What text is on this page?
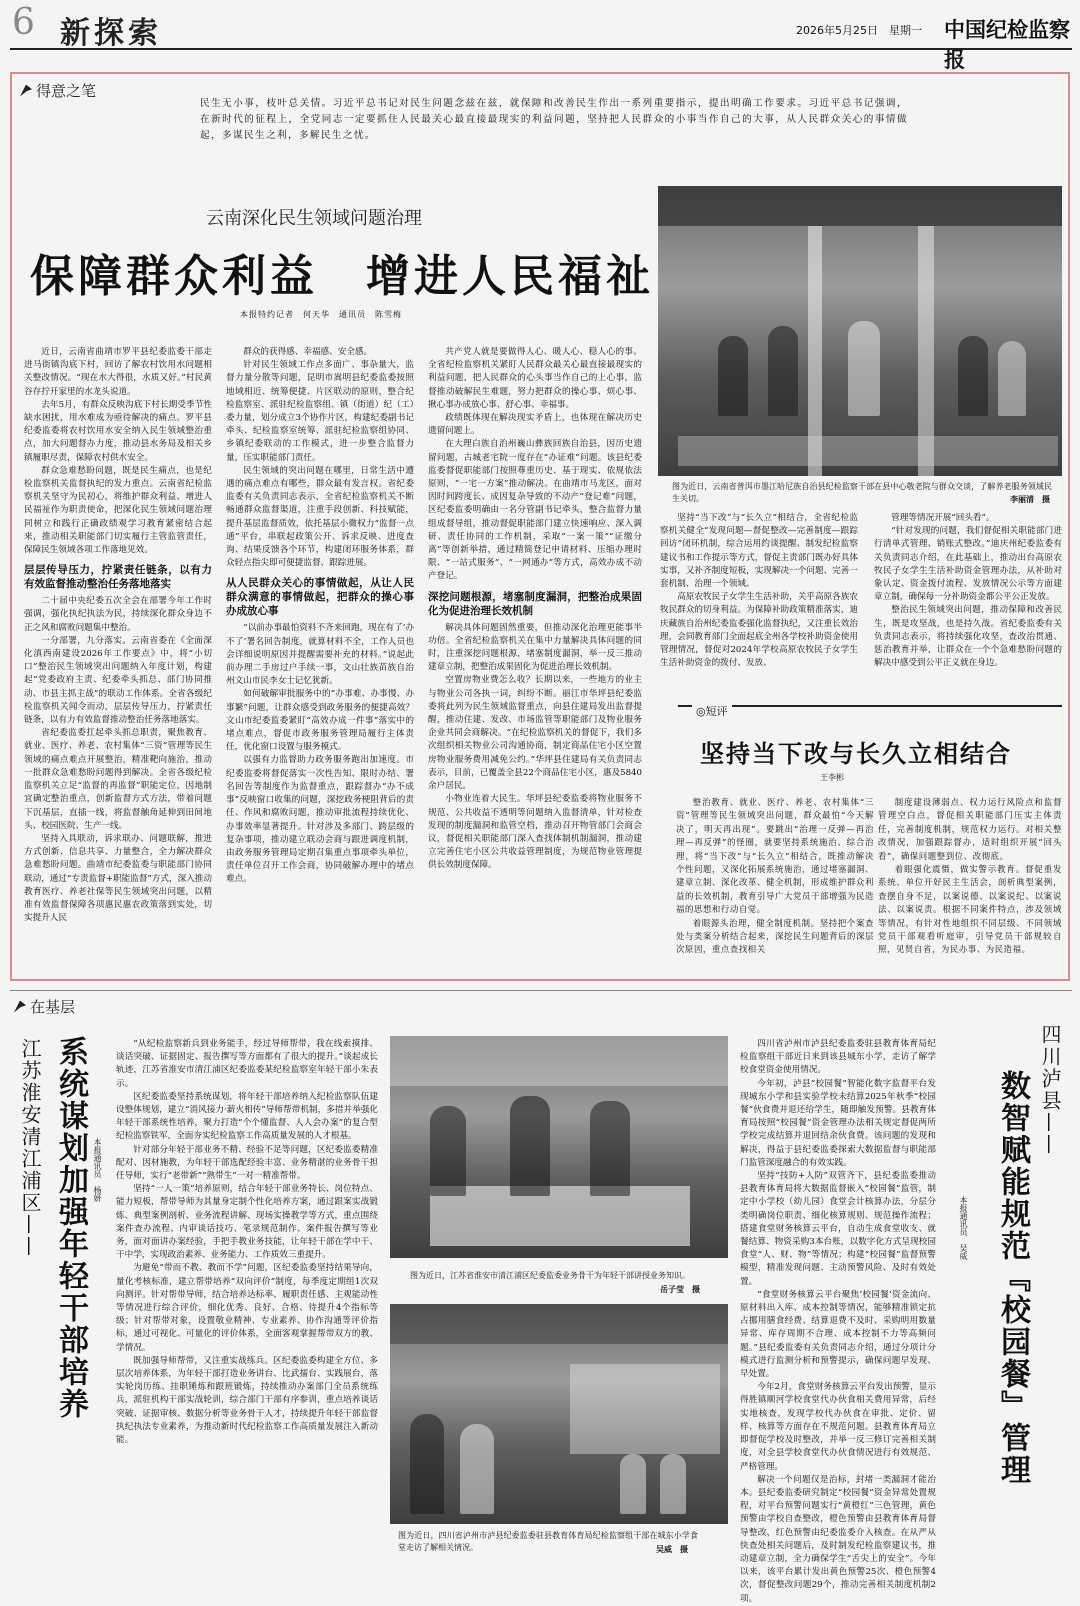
6 新探索	2026年5月25日　星期一 中国纪检监察报
得意之笔
民生无小事，枝叶总关情。习近平总书记对民生问题念兹在兹，就保障和改善民生作出一系列重要指示，提出明确工作要求。习近平总书记强调，在新时代的征程上，全党同志一定要抓住人民最关心最直接最现实的利益问题，坚持把人民群众的小事当作自己的大事，从人民群众关心的事情做起，多谋民生之利，多解民生之忧。
云南深化民生领域问题治理
保障群众利益　增进人民福祉
本报特约记者　何天华　通讯员　陈雪梅
图为近日，云南省普洱市墨江哈尼族自治县纪检监察干部在县中心敬老院与群众交谈，了解养老服务领域民生关切。	李丽清　摄

近日，云南省曲靖市罗平县纪委监委干部走进马街镇沟底下村，回访了解农村饮用水问题相关整改情况。“现在水大得很，水质又好。”村民黄谷存拧开家里的水龙头说道。

去年5月，有群众反映沟底下村长期受季节性缺水困扰，用水难成为亟待解决的痛点。罗平县纪委监委将农村饮用水安全纳入民生领域整治重点，加大问题督办力度，推动县水务局及相关乡镇履职尽责，保障农村供水安全。

群众急难愁盼问题，既是民生痛点，也是纪检监察机关监督执纪的发力重点。云南省纪检监察机关坚守为民初心，将维护群众利益、增进人民福祉作为职责使命，把深化民生领域问题治理同树立和践行正确政绩观学习教育紧密结合起来，推动相关职能部门切实履行主管监管责任，保障民生领域各项工作落地见效。

层层传导压力，拧紧责任链条，以有力有效监督推动整治任务落地落实

二十届中央纪委五次全会在部署今年工作时强调，强化执纪执法为民，持续深化群众身边不正之风和腐败问题集中整治。

一分部署，九分落实。云南省委在《全面深化滇西南建设2026年工作要点》中，将“小切口”整治民生领域突出问题纳入年度计划，构建起“党委政府主责、纪委牵头抓总、部门协同推动、市县主抓主战”的联动工作体系。全省各级纪检监察机关闻令而动，层层传导压力，拧紧责任链条，以有力有效监督推动整治任务落地落实。

省纪委监委扛起牵头抓总职责，聚焦教育、就业、医疗、养老、农村集体“三资”管理等民生领域的痛点难点开展整治，精准靶向施治，推动一批群众急难愁盼问题得到解决。全省各级纪检监察机关立足“监督的再监督”职能定位，因地制宜确定整治重点，创新监督方式方法，带着问题下沉基层，直插一线，将监督触角延伸到田间地头、校园医院、生产一线。

坚持入具联动，诉求联办、问题联解，推进方式创新、信息共享、力量整合，全力解决群众急难愁盼问题。曲靖市纪委监委与职能部门协同联动，通过“专责监督+职能监督”方式，深入推动教育医疗、养老社保等民生领域突出问题，以精准有效监督保障各项惠民惠农政策落到实处，切实提升人民

群众的获得感、幸福感、安全感。

针对民生领域工作点多面广、事杂量大，监督力量分散等问题，昆明市嵩明县纪委监委按照地域相近、统筹便捷、片区联动的原则，整合纪检监察室、派驻纪检监察组、镇（街道）纪（工）委力量，划分成立3个协作片区，构建纪委副书记牵头、纪检监察室统筹、派驻纪检监察组协同、乡镇纪委联动的工作模式，进一步整合监督力量，压实职能部门责任。

民生领域的突出问题在哪里，日常生活中遭遇的痛点难点有哪些，群众最有发言权。省纪委监委有关负责同志表示，全省纪检监察机关不断畅通群众监督渠道，注重手段创新、科技赋能，提升基层监督质效，依托基层小微权力“监督一点通”平台，串联起政策公开、诉求反映、进度查询、结果反馈各个环节，构建闭环服务体系，群众轻点指尖即可便捷监督、跟踪进展。

从人民群众关心的事情做起，从让人民群众满意的事情做起，把群众的操心事办成放心事

“以前办事最怕资料不齐来回跑，现在有了‘办不了’署名回告制度，就算材料不全，工作人员也会详细说明原因并提醒需要补充的材料。”说起此前办理二手房过户手续一事，文山壮族苗族自治州文山市民李女士记忆犹新。

如何破解审批服务中的“办事难、办事慢、办事繁”问题，让群众感受到政务服务的便捷高效？文山市纪委监委紧盯“高效办成一件事”落实中的堵点难点，督促市政务服务管理局履行主体责任，优化窗口设置与服务模式。

以强有力监督助力政务服务跑出加速度。市纪委监委将督促落实一次性告知、限时办结、署名回告等制度作为监督重点，跟踪督办“办不成事”反映窗口收集的问题，深挖政务梗阻背后的责任、作风和腐败问题，推动审批流程持续优化、办事效率显著提升。针对涉及多部门、跨层级的复杂事项，推动建立联动会商与跟进调度机制，由政务服务管理局定期召集重点事项牵头单位，责任单位召开工作会商，协同破解办理中的堵点难点。

共产党人就是要做得人心、暖人心、稳人心的事。全省纪检监察机关紧盯人民群众最关心最直接最现实的利益问题，把人民群众的心头事当作自己的上心事，监督推动破解民生难题，努力把群众的操心事、烦心事、揪心事办成放心事、舒心事、幸福事。

政绩既体现在解决现实矛盾上，也体现在解决历史遗留问题上。

在大理白族自治州巍山彝族回族自治县，因历史遗留问题，古城老宅院一度存在“办证难”问题。该县纪委监委督促职能部门按照尊重历史、基于现实、依规依法原则，“一宅一方案”推动解决。在曲靖市马龙区，面对因时间跨度长、成因复杂导致的不动产“登记难”问题，区纪委监委明确由一名分管副书记牵头，整合监督力量组成督导组，推动督促职能部门建立快速响应、深入调研、责任协同的工作机制，采取“一案一策”“证缴分离”等创新举措，通过精简登记申请材料、压缩办理时限、“一站式服务”、“一网通办”等方式，高效办成不动产登记。

深挖问题根源，堵塞制度漏洞，把整治成果固化为促进治理长效机制

解决具体问题固然重要，但推动深化治理更能事半功倍。全省纪检监察机关在集中力量解决具体问题的同时，注重深挖问题根源，堵塞制度漏洞，举一反三推动建章立制，把整治成果固化为促进治理长效机制。

空置房物业费怎么收？长期以来，一些地方的业主与物业公司各执一词，纠纷不断。丽江市华坪县纪委监委将此列为民生领域监督重点，向县住建局发出监督提醒，推动住建、发改、市场监管等职能部门及物业服务企业共同会商解决。“在纪检监察机关的督促下，我们多次组织相关物业公司沟通协商，制定商品住宅小区空置房物业服务费用减免公约。”华坪县住建局有关负责同志表示，目前，已覆盖全县22个商品住宅小区，惠及5840余户居民。

小物业连着大民生。华坪县纪委监委将物业服务不规范、公共收益不透明等问题纳入监督清单，针对检查发现的制度漏洞和监管空档，推动召开物管部门会商会议，督促相关职能部门深入查找体制机制漏洞，推动建立完善住宅小区公共收益管理制度，为规范物业管理提供长效制度保障。

坚持“当下改”与“长久立”相结合，全省纪检监察机关健全“发现问题—督促整改—完善制度—跟踪回访”闭环机制，综合运用约谈提醒、制发纪检监察建议书和工作提示等方式，督促主责部门既办好具体实事，又补齐制度短板，实现解决一个问题、完善一套机制、治理一个领域。

高原农牧民子女学生生活补助，关乎高原各族农牧民群众的切身利益。为保障补助政策精准落实，迪庆藏族自治州纪委监委强化监督执纪，又注重长效治理，会同教育部门全面起底全州各学校补助资金使用管理情况，督促对2024年学校高原农牧民子女学生生活补助资金的拨付、发放、

管理等情况开展“回头看”。

“针对发现的问题，我们督促相关职能部门进行清单式管理、销账式整改。”迪庆州纪委监委有关负责同志介绍，在此基础上，推动出台高原农牧民子女学生生活补助资金管理办法，从补助对象认定、资金拨付流程、发放情况公示等方面建章立制，确保每一分补助资金都公平公正发放。

整治民生领域突出问题，推动保障和改善民生，既是攻坚战，也是持久战。省纪委监委有关负责同志表示，将持续强化攻坚，查改治贯通、惩治教育并举，让群众在一个个急难愁盼问题的解决中感受到公平正义就在身边。

◎短评
坚持当下改与长久立相结合
王李彬

整治教育、就业、医疗、养老、农村集体“三资”管理等民生领域突出问题，群众最怕“今天解决了，明天再出现”。要跳出“治理一反弹—再治理—再反弹”的怪圈，就要坚持系统施治、综合治理，将“当下改”与“长久立”相结合，既推动解决个性问题，又深化拓展系统施治，通过堵塞漏洞、建章立制、深化改革、健全机制，形成维护群众利益的长效机制，教育引导广大党员干部增强为民造福的思想和行动自觉。

着眼源头治理，健全制度机制。坚持把个案查处与类案分析结合起来，深挖民生问题背后的深层次原因，重点查找相关

制度建设薄弱点、权力运行风险点和监督管理空白点，督促相关职能部门压实主体责任，完善制度机制，规范权力运行。对相关整改情况，加强跟踪督办，适时组织开展“回头看”，确保问题整到位、改彻底。

着眼强化震慑，做实警示教育。督促重发系统、单位开好民主生活会，剖析典型案例，查摆自身不足，以案说德、以案说纪、以案说法、以案说责。根据不同案件特点，涉及领域等情况，有针对性地组织不同层级、不同领域党员干部观看听庭审，引导党员干部规较自照，见贤自省，为民办事、为民造福。

在基层
江苏淮安清江浦区—— 系统谋划加强年轻干部培养 本报通讯员　杨妍

“从纪检监察新兵到业务能手，经过导师帮带，我在线索摸排、谈话突破、证据固定、报告撰写等方面都有了很大的提升。”谈起成长轨迹，江苏省淮安市清江浦区纪委监委某纪检监察室年轻干部小朱表示。

区纪委监委坚持系统谋划，将年轻干部培养纳入纪检监察队伍建设整体规划，建立“消风接力·薪火相传”导师帮带机制，多措并举强化年轻干部系统性培养，聚力打造“个个懂监督、人人会办案”的复合型纪检监察铁军，全面夯实纪检监察工作高质量发展的人才根基。

针对部分年轻干部业务不精、经验不足等问题，区纪委监委精准配对、因材施教，为年轻干部选配经验丰富、业务精湛的业务骨干担任导师，实行“老带新”“熟带生”一对一精准帮带。

坚持“一人一策”培养原则，结合年轻干部业务特长、岗位特点、能力短板，帮带导师为其量身定制个性化培养方案，通过跟案实战锻炼、典型案例剖析、业务流程讲解、现场实操教学等方式，重点围绕案件查办流程、内审谈话技巧、笔录规范制作、案件报告撰写等业务，面对面讲办案经验，手把手教业务技能，让年轻干部在学中干、干中学，实现政治素养、业务能力、工作质效三重提升。

为避免“带而不教、教而不学”问题，区纪委监委坚持结果导向，量化考核标准，建立帮带培养“双向评价”制度，每季度定期组1次双向测评。针对帮带导师，结合培养达标率、履职责任感、主观能动性等情况进行综合评价，细化优秀、良好、合格、待提升4个指标等级；针对帮带对象，设置敬业精神、专业素养、协作沟通等评价指标，通过可视化、可量化的评价体系，全面客观掌握帮带双方的教、学情况。

既加强导师帮带，又注重实战练兵。区纪委监委构建全方位、多层次培养体系，为年轻干部打造业务讲台、比武擂台、实践展台，落实轮岗历练、挂职锤炼和跟班锻炼，持续推动办案部门全员系统练兵，派驻机构干部实战轮训，综合部门干部有序参训，重点培养谈话突破、证据审核、数据分析等业务骨干人才，持续提升年轻干部监督执纪执法专业素养，为推动新时代纪检监察工作高质量发展注入新动能。

图为近日，江苏省淮安市清江浦区纪委监委业务骨干为年轻干部讲授业务知识。
岳子莹　摄
图为近日，四川省泸州市泸县纪委监委驻县教育体育局纪检监察组干部在城东小学食堂走访了解相关情况。	吴威　摄

四川省泸州市泸县纪委监委驻县教育体育局纪检监察组干部近日来到该县城东小学，走访了解学校食堂资金使用情况。

今年初，泸县“校园餐”智能化数字监督平台发现城东小学和县实验学校未结算2025年秋季“校园餐”伙食费并退还给学生，随即触发预警。县教育体育局按照“校园餐”资金管理办法相关规定督促两所学校完成结算并退回结余伙食费。该问题的发现和解决，得益于县纪委监委探索大数据监督与职能部门监管深度融合的有效实践。

坚持“技防+人防”双管齐下，县纪委监委推动县教育体育局将大数据监督嵌入“校园餐”监管，制定中小学校（幼儿园）食堂会计核算办法，分层分类明确岗位职责、细化核算规则、规范操作流程；搭建食堂财务核算云平台，自动生成食堂收支、就餐结算、物资采购3本台账，以数字化方式呈现校园食堂“人、财、物”等情况；构建“校园餐”监督预警模型，精准发现问题、主动预警风险、及时有效处置。

“食堂财务核算云平台聚焦‘校园餐’资金流向、原材料出入库、成本控制等情况，能够精准锁定抗占挪用膳食经费、结算退费不及时、采购明用数量异常、库存周期不合理、成本控制不力等高频问题。”县纪委监委有关负责同志介绍，通过分项计分模式进行监测分析和预警提示，确保问题早发现、早处置。

今年2月，食堂财务核算云平台发出预警，显示得胜镇顺河学校食堂代办伙食相关费用异常，后经实地核查，发现学校代办伙食在审批、定价、留样、核算等方面存在不规范问题。县教育体育局立即督促学校及时整改，并举一反三修订完善相关制度，对全县学校食堂代办伙食情况进行有效规范、严格管理。

解决一个问题仅是治标，封堵一类漏洞才能治本。县纪委监委研究制定“校园餐”资金异常处置规程，对平台预警问题实行“黄橙红”三色管理，黄色预警由学校自查整改，橙色预警由县教育体育局督导整改，红色预警由纪委监委介入核查。在从严从快查处相关问题后，及时制发纪检监察建议书，推动建章立制，全力确保学生“舌尖上的安全”。今年以来，该平台累计发出黄色预警25次、橙色预警4次，督促整改问题29个，推动完善相关制度机制2项。

本报通讯员　吴威 数智赋能规范『校园餐』管理 四川泸县——
